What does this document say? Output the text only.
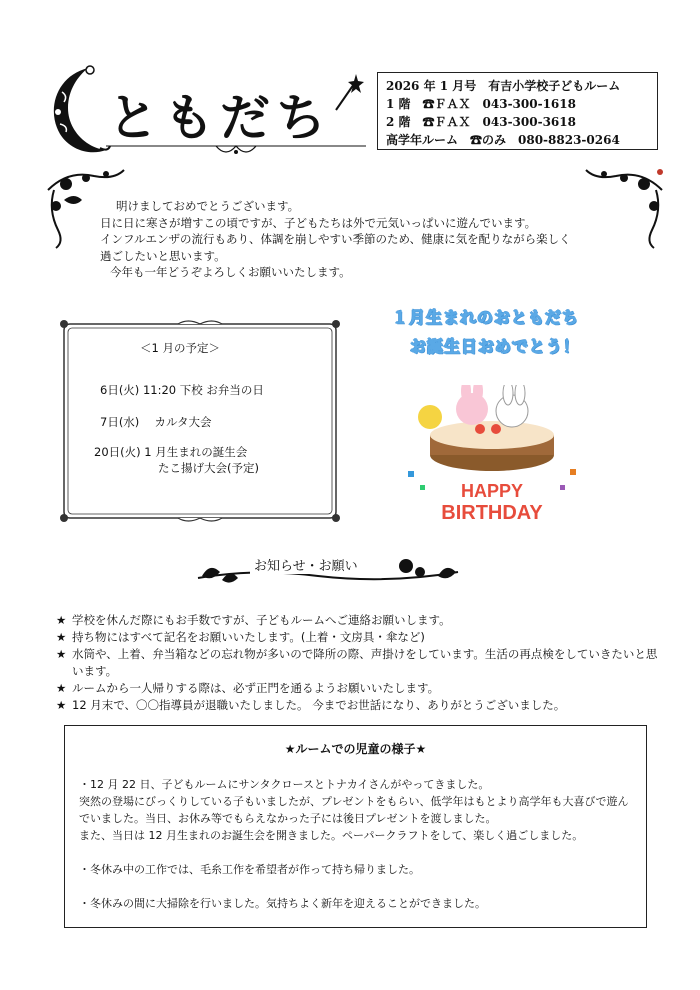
ともだち
2026 年 1 月号　有吉小学校子どもルーム
1 階　☎ＦＡＸ　043-300-1618
2 階　☎ＦＡＸ　043-300-3618
高学年ルーム　☎のみ　080-8823-0264

明けましておめでとうございます。

日に日に寒さが増すこの頃ですが、子どもたちは外で元気いっぱいに遊んでいます。

インフルエンザの流行もあり、体調を崩しやすい季節のため、健康に気を配りながら楽しく

過ごしたいと思います。

今年も一年どうぞよろしくお願いいたします。

＜1 月の予定＞
6日(火) 11:20 下校 お弁当の日
7日(水)　 カルタ大会
20日(火) 1 月生まれの誕生会
たこ揚げ大会(予定)
１月生まれのおともだち
お誕生日おめでとう！
HAPPY
BIRTHDAY
お知らせ・お願い
★ 学校を休んだ際にもお手数ですが、子どもルームへご連絡お願いします。
★ 持ち物にはすべて記名をお願いいたします。(上着・文房具・傘など)
★ 水筒や、上着、弁当箱などの忘れ物が多いので降所の際、声掛けをしています。生活の再点検をしていきたいと思います。
★ ルームから一人帰りする際は、必ず正門を通るようお願いいたします。
★ 12 月末で、〇〇指導員が退職いたしました。 今までお世話になり、ありがとうございました。
★ルームでの児童の様子★

・12 月 22 日、子どもルームにサンタクロースとトナカイさんがやってきました。

突然の登場にびっくりしている子もいましたが、プレゼントをもらい、低学年はもとより高学年も大喜びで遊ん

でいました。当日、お休み等でもらえなかった子には後日プレゼントを渡しました。

また、当日は 12 月生まれのお誕生会を開きました。ペーパークラフトをして、楽しく過ごしました。

・冬休み中の工作では、毛糸工作を希望者が作って持ち帰りました。

・冬休みの間に大掃除を行いました。気持ちよく新年を迎えることができました。
